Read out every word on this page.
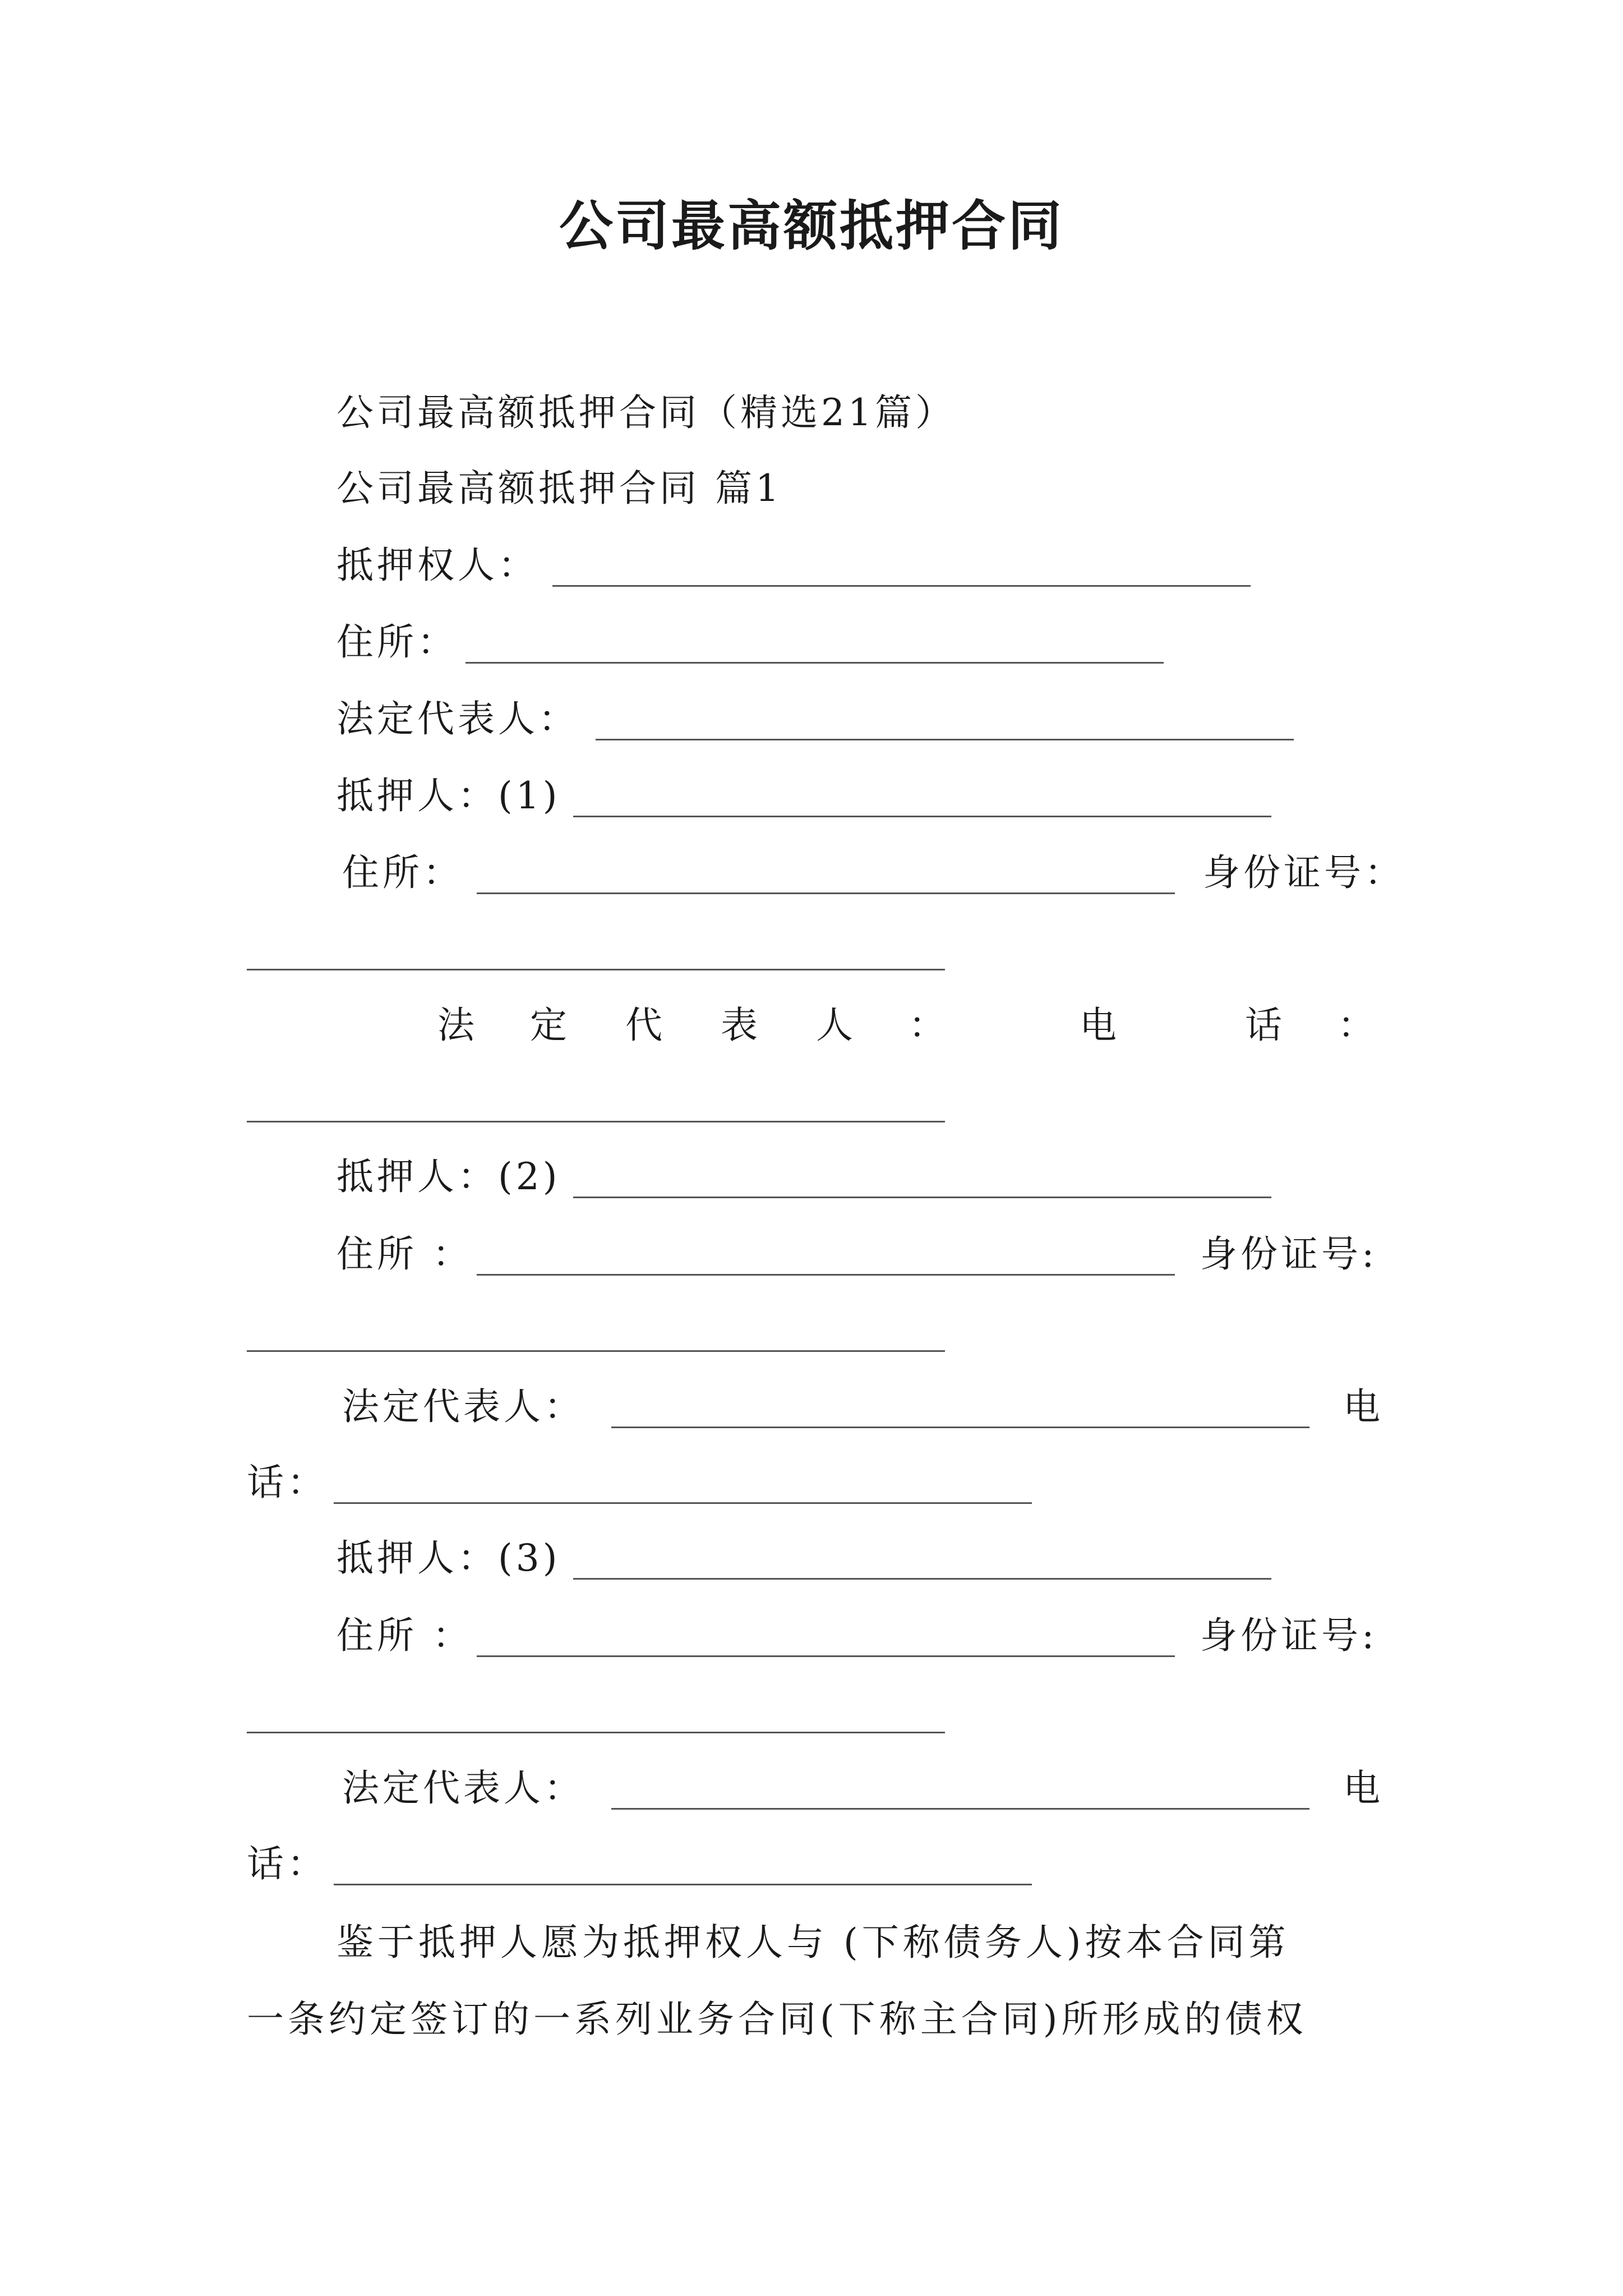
公司最高额抵押合同
公司最高额抵押合同（精选21篇）
公司最高额抵押合同 篇1
抵押权人：
住所：
法定代表人：
抵押人：(1)
住所：	身份证号：
法 定 代 表 人 ：	电	话 ：
抵押人：(2)
住所 ：	身份证号:
法定代表人：	电
话：
抵押人：(3)
住所 ：	身份证号:
法定代表人：	电
话：
鉴于抵押人愿为抵押权人与 (下称债务人)按本合同第
一条约定签订的一系列业务合同(下称主合同)所形成的债权
